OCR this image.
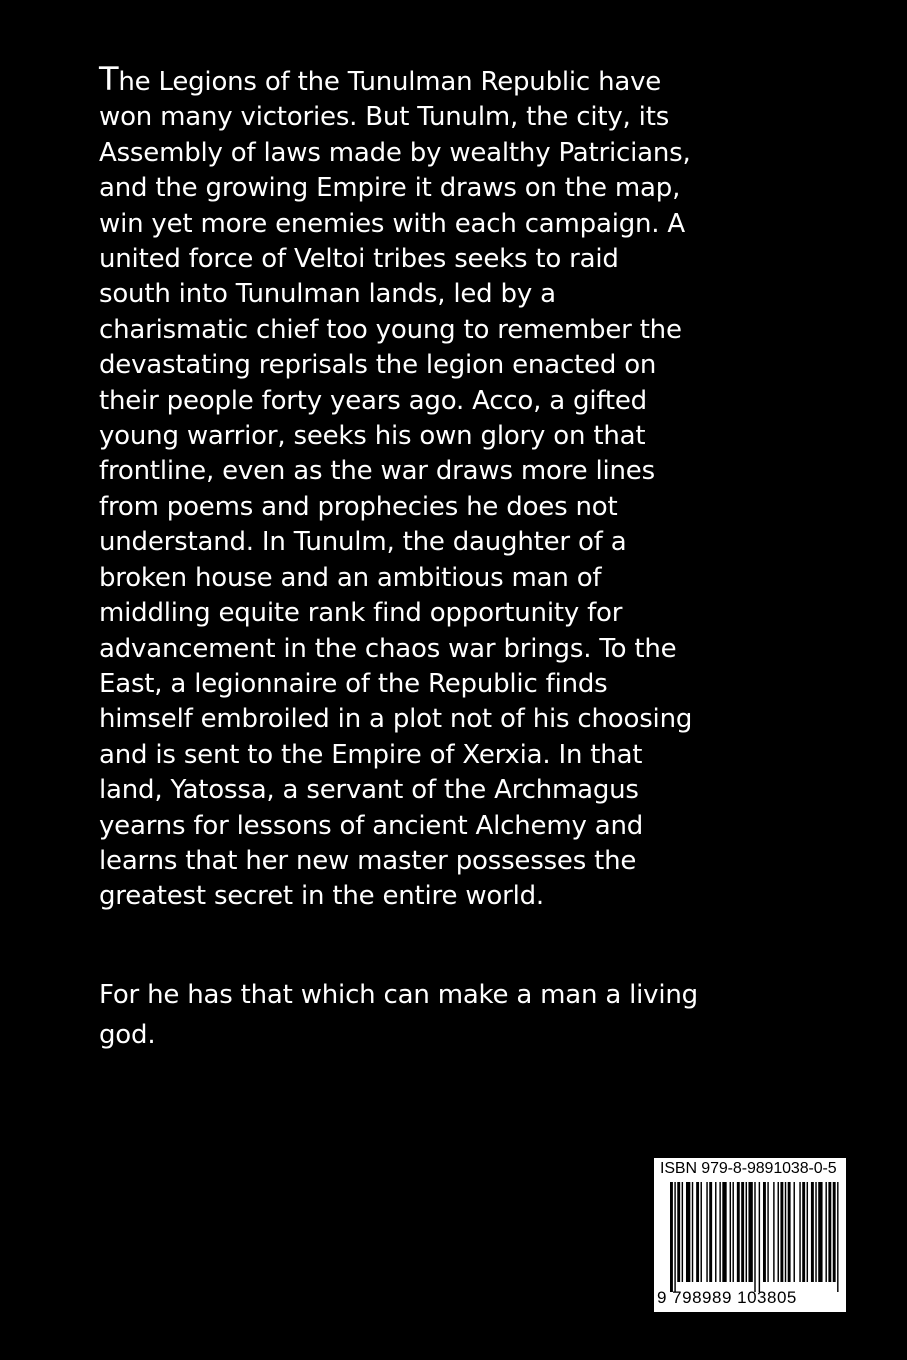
The Legions of the Tunulman Republic have
won many victories. But Tunulm, the city, its
Assembly of laws made by wealthy Patricians,
and the growing Empire it draws on the map,
win yet more enemies with each campaign. A
united force of Veltoi tribes seeks to raid
south into Tunulman lands, led by a
charismatic chief too young to remember the
devastating reprisals the legion enacted on
their people forty years ago. Acco, a gifted
young warrior, seeks his own glory on that
frontline, even as the war draws more lines
from poems and prophecies he does not
understand. In Tunulm, the daughter of a
broken house and an ambitious man of
middling equite rank find opportunity for
advancement in the chaos war brings. To the
East, a legionnaire of the Republic finds
himself embroiled in a plot not of his choosing
and is sent to the Empire of Xerxia. In that
land, Yatossa, a servant of the Archmagus
yearns for lessons of ancient Alchemy and
learns that her new master possesses the
greatest secret in the entire world.
For he has that which can make a man a living
god.
ISBN 979-8-9891038-0-5
9 798989 103805
